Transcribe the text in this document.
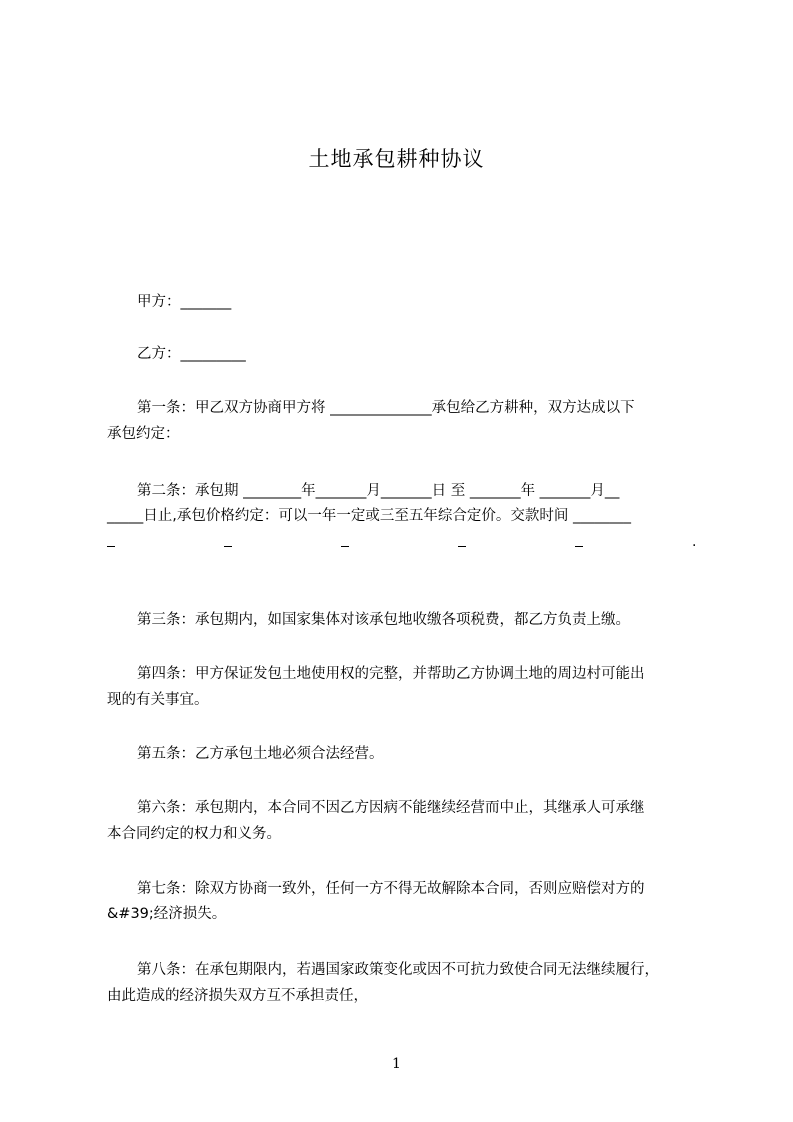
土地承包耕种协议
甲方：_______
乙方：_________
第一条：甲乙双方协商甲方将 ______________承包给乙方耕种，双方达成以下
承包约定：
第二条：承包期 ________年_______月_______日 至 _______年 _______月__
_____日止,承包价格约定：可以一年一定或三至五年综合定价。交款时间 ________
.
第三条：承包期内，如国家集体对该承包地收缴各项税费，都乙方负责上缴。
第四条：甲方保证发包土地使用权的完整，并帮助乙方协调土地的周边村可能出
现的有关事宜。
第五条：乙方承包土地必须合法经营。
第六条：承包期内，本合同不因乙方因病不能继续经营而中止，其继承人可承继
本合同约定的权力和义务。
第七条：除双方协商一致外，任何一方不得无故解除本合同，否则应赔偿对方的
&#39;经济损失。
第八条：在承包期限内，若遇国家政策变化或因不可抗力致使合同无法继续履行，
由此造成的经济损失双方互不承担责任，
1
